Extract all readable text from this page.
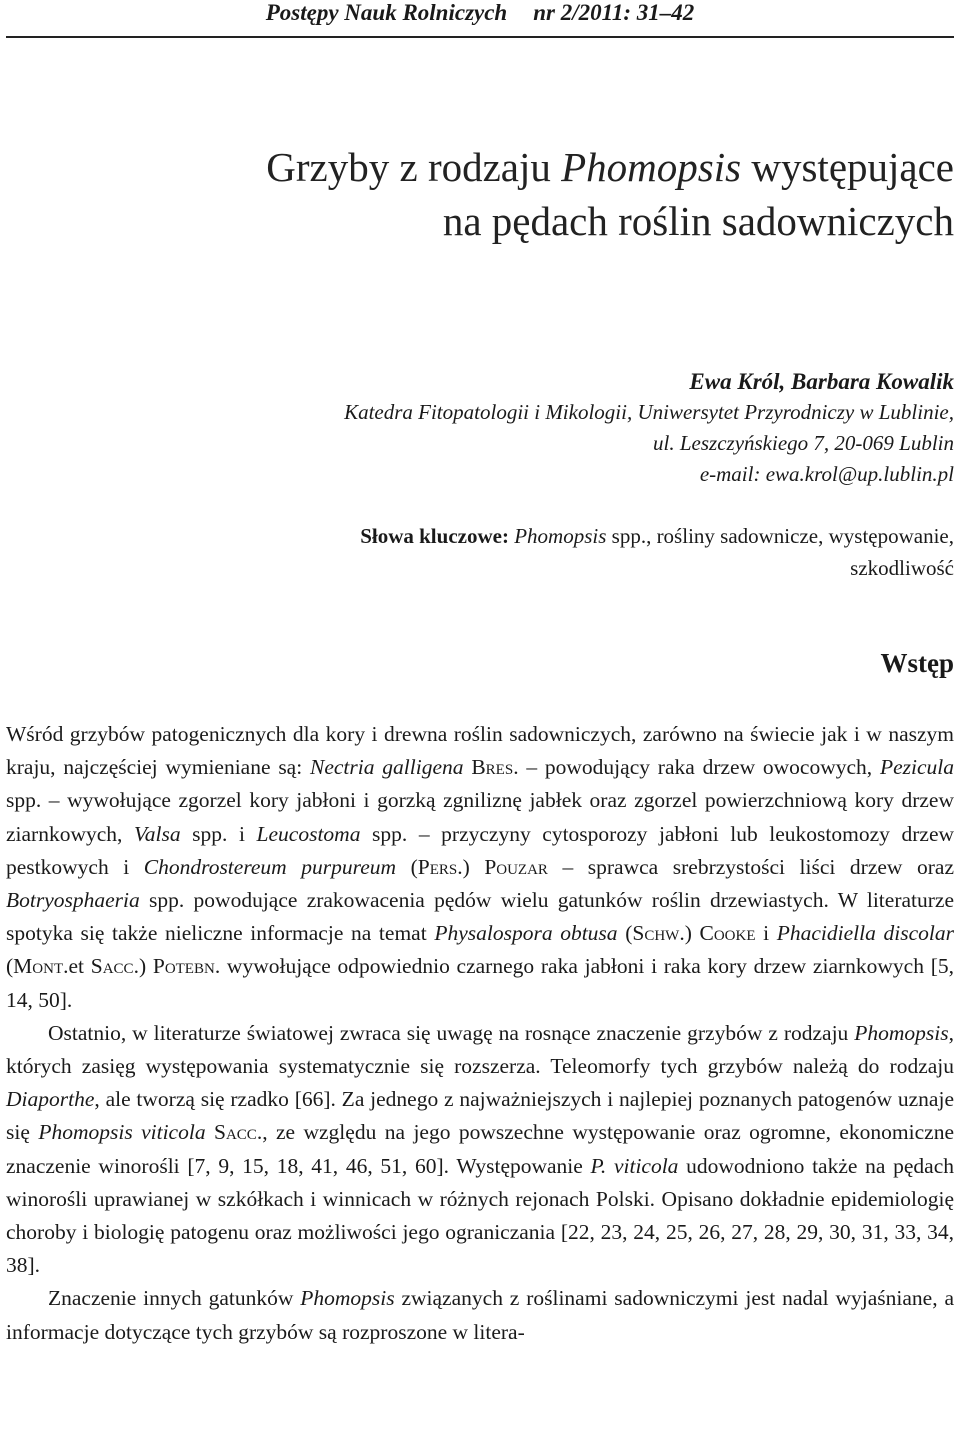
Postępy Nauk Rolniczych nr 2/2011: 31–42
Grzyby z rodzaju Phomopsis występujące
na pędach roślin sadowniczych
Ewa Król, Barbara Kowalik
Katedra Fitopatologii i Mikologii, Uniwersytet Przyrodniczy w Lublinie,
ul. Leszczyńskiego 7, 20-069 Lublin
e-mail: ewa.krol@up.lublin.pl
Słowa kluczowe: Phomopsis spp., rośliny sadownicze, występowanie,
szkodliwość
Wstęp

Wśród grzybów patogenicznych dla kory i drewna roślin sadowniczych, zarówno na świecie jak i w naszym kraju, najczęściej wymieniane są: Nectria galligena Bres. – powodujący raka drzew owocowych, Pezicula spp. – wywołujące zgorzel kory jabłoni i gorzką zgniliznę jabłek oraz zgorzel powierzchniową kory drzew ziarnkowych, Valsa spp. i Leucostoma spp. – przyczyny cytosporozy jabłoni lub leukostomozy drzew pestkowych i Chondrostereum purpureum (Pers.) Pouzar – sprawca srebrzystości liści drzew oraz Botryosphaeria spp. powodujące zrakowacenia pędów wielu gatunków roślin drzewiastych. W literaturze spotyka się także nieliczne informacje na temat Physalospora obtusa (Schw.) Cooke i Phacidiella discolar (Mont.et Sacc.) Potebn. wywołujące odpowiednio czarnego raka jabłoni i raka kory drzew ziarnkowych [5, 14, 50].

Ostatnio, w literaturze światowej zwraca się uwagę na rosnące znaczenie grzybów z rodzaju Phomopsis, których zasięg występowania systematycznie się rozszerza. Teleomorfy tych grzybów należą do rodzaju Diaporthe, ale tworzą się rzadko [66]. Za jednego z najważniejszych i najlepiej poznanych patogenów uznaje się Phomopsis viticola Sacc., ze względu na jego powszechne występowanie oraz ogromne, ekonomiczne znaczenie winorośli [7, 9, 15, 18, 41, 46, 51, 60]. Występowanie P. viticola udowodniono także na pędach winorośli uprawianej w szkółkach i winnicach w różnych rejonach Polski. Opisano dokładnie epidemiologię choroby i biologię patogenu oraz możliwości jego ograniczania [22, 23, 24, 25, 26, 27, 28, 29, 30, 31, 33, 34, 38].

Znaczenie innych gatunków Phomopsis związanych z roślinami sadowniczymi jest nadal wyjaśniane, a informacje dotyczące tych grzybów są rozproszone w litera-
